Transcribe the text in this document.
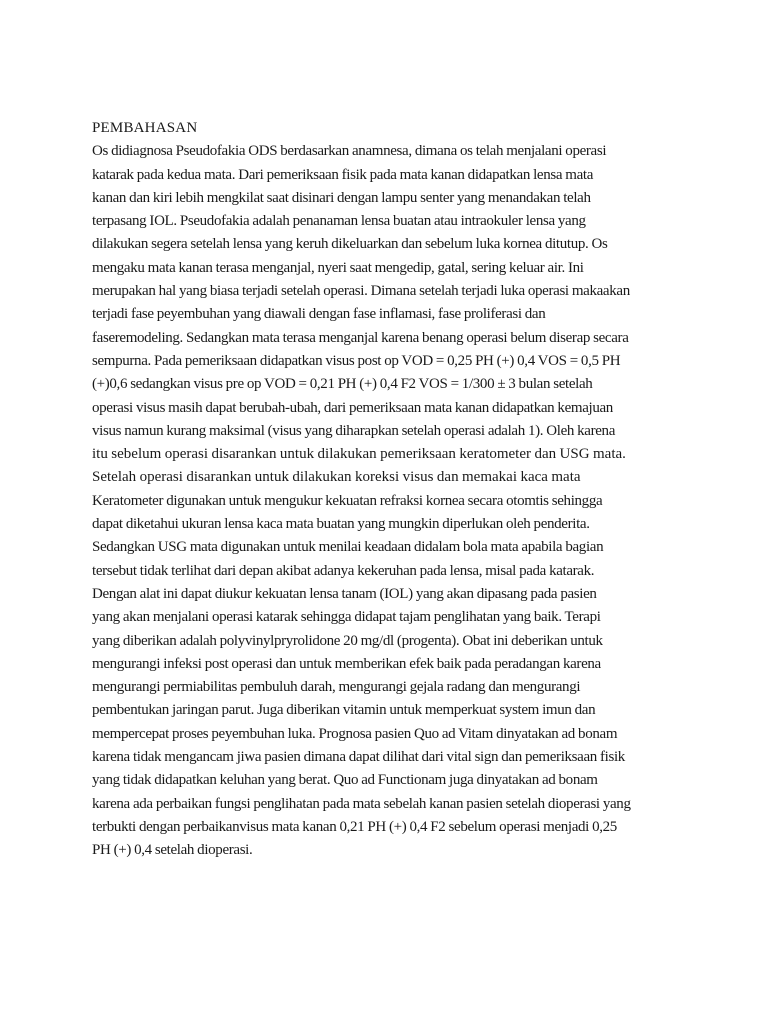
PEMBAHASAN
Os didiagnosa Pseudofakia ODS berdasarkan anamnesa, dimana os telah menjalani operasi
katarak pada kedua mata. Dari pemeriksaan fisik pada mata kanan didapatkan lensa mata
kanan dan kiri lebih mengkilat saat disinari dengan lampu senter yang menandakan telah
terpasang IOL. Pseudofakia adalah penanaman lensa buatan atau intraokuler lensa yang
dilakukan segera setelah lensa yang keruh dikeluarkan dan sebelum luka kornea ditutup. Os
mengaku mata kanan terasa menganjal, nyeri saat mengedip, gatal, sering keluar air. Ini
merupakan hal yang biasa terjadi setelah operasi. Dimana setelah terjadi luka operasi makaakan
terjadi fase peyembuhan yang diawali dengan fase inflamasi, fase proliferasi dan
faseremodeling. Sedangkan mata terasa menganjal karena benang operasi belum diserap secara
sempurna. Pada pemeriksaan didapatkan visus post op VOD = 0,25 PH (+) 0,4 VOS = 0,5 PH
(+)0,6 sedangkan visus pre op VOD = 0,21 PH (+) 0,4 F2 VOS = 1/300 ± 3 bulan setelah
operasi visus masih dapat berubah-ubah, dari pemeriksaan mata kanan didapatkan kemajuan
visus namun kurang maksimal (visus yang diharapkan setelah operasi adalah 1). Oleh karena
itu sebelum operasi disarankan untuk dilakukan pemeriksaan keratometer dan USG mata.
Setelah operasi disarankan untuk dilakukan koreksi visus dan memakai kaca mata
Keratometer digunakan untuk mengukur kekuatan refraksi kornea secara otomtis sehingga
dapat diketahui ukuran lensa kaca mata buatan yang mungkin diperlukan oleh penderita.
Sedangkan USG mata digunakan untuk menilai keadaan didalam bola mata apabila bagian
tersebut tidak terlihat dari depan akibat adanya kekeruhan pada lensa, misal pada katarak.
Dengan alat ini dapat diukur kekuatan lensa tanam (IOL) yang akan dipasang pada pasien
yang akan menjalani operasi katarak sehingga didapat tajam penglihatan yang baik. Terapi
yang diberikan adalah polyvinylpryrolidone 20 mg/dl (progenta). Obat ini deberikan untuk
mengurangi infeksi post operasi dan untuk memberikan efek baik pada peradangan karena
mengurangi permiabilitas pembuluh darah, mengurangi gejala radang dan mengurangi
pembentukan jaringan parut. Juga diberikan vitamin untuk memperkuat system imun dan
mempercepat proses peyembuhan luka. Prognosa pasien Quo ad Vitam dinyatakan ad bonam
karena tidak mengancam jiwa pasien dimana dapat dilihat dari vital sign dan pemeriksaan fisik
yang tidak didapatkan keluhan yang berat. Quo ad Functionam juga dinyatakan ad bonam
karena ada perbaikan fungsi penglihatan pada mata sebelah kanan pasien setelah dioperasi yang
terbukti dengan perbaikanvisus mata kanan 0,21 PH (+) 0,4 F2 sebelum operasi menjadi 0,25
PH (+) 0,4 setelah dioperasi.
